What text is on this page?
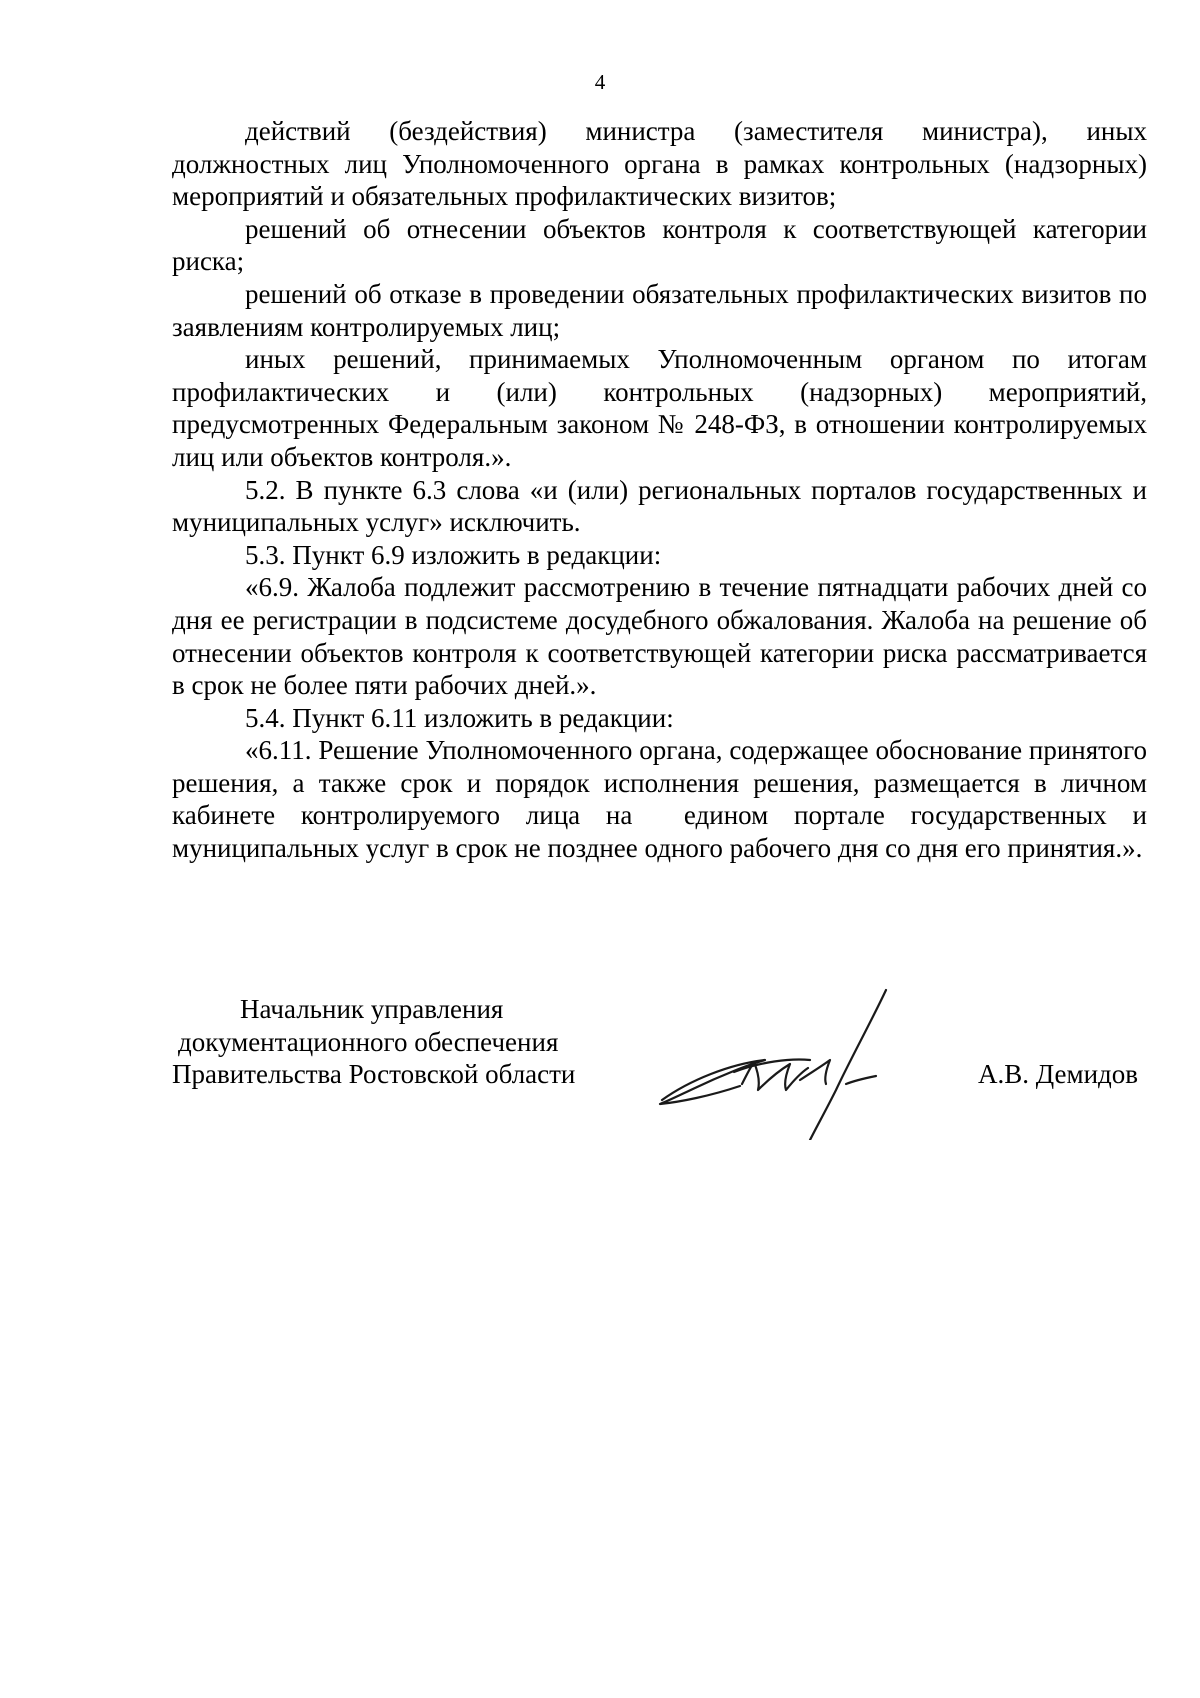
4

действий (бездействия) министра (заместителя министра), иных должностных лиц Уполномоченного органа в рамках контрольных (надзорных) мероприятий и обязательных профилактических визитов;

решений об отнесении объектов контроля к соответствующей категории риска;

решений об отказе в проведении обязательных профилактических визитов по заявлениям контролируемых лиц;

иных решений, принимаемых Уполномоченным органом по итогам профилактических и (или) контрольных (надзорных) мероприятий, предусмотренных Федеральным законом № 248-ФЗ, в отношении контролируемых лиц или объектов контроля.».

5.2. В пункте 6.3 слова «и (или) региональных порталов государственных и муниципальных услуг» исключить.

5.3. Пункт 6.9 изложить в редакции:

«6.9. Жалоба подлежит рассмотрению в течение пятнадцати рабочих дней со дня ее регистрации в подсистеме досудебного обжалования. Жалоба на решение об отнесении объектов контроля к соответствующей категории риска рассматривается в срок не более пяти рабочих дней.».

5.4. Пункт 6.11 изложить в редакции:

«6.11. Решение Уполномоченного органа, содержащее обоснование принятого решения, а также срок и порядок исполнения решения, размещается в личном кабинете контролируемого лица на  едином портале государственных и муниципальных услуг в срок не позднее одного рабочего дня со дня его принятия.».

Начальник управления
документационного обеспечения
Правительства Ростовской области	А.В. Демидов
